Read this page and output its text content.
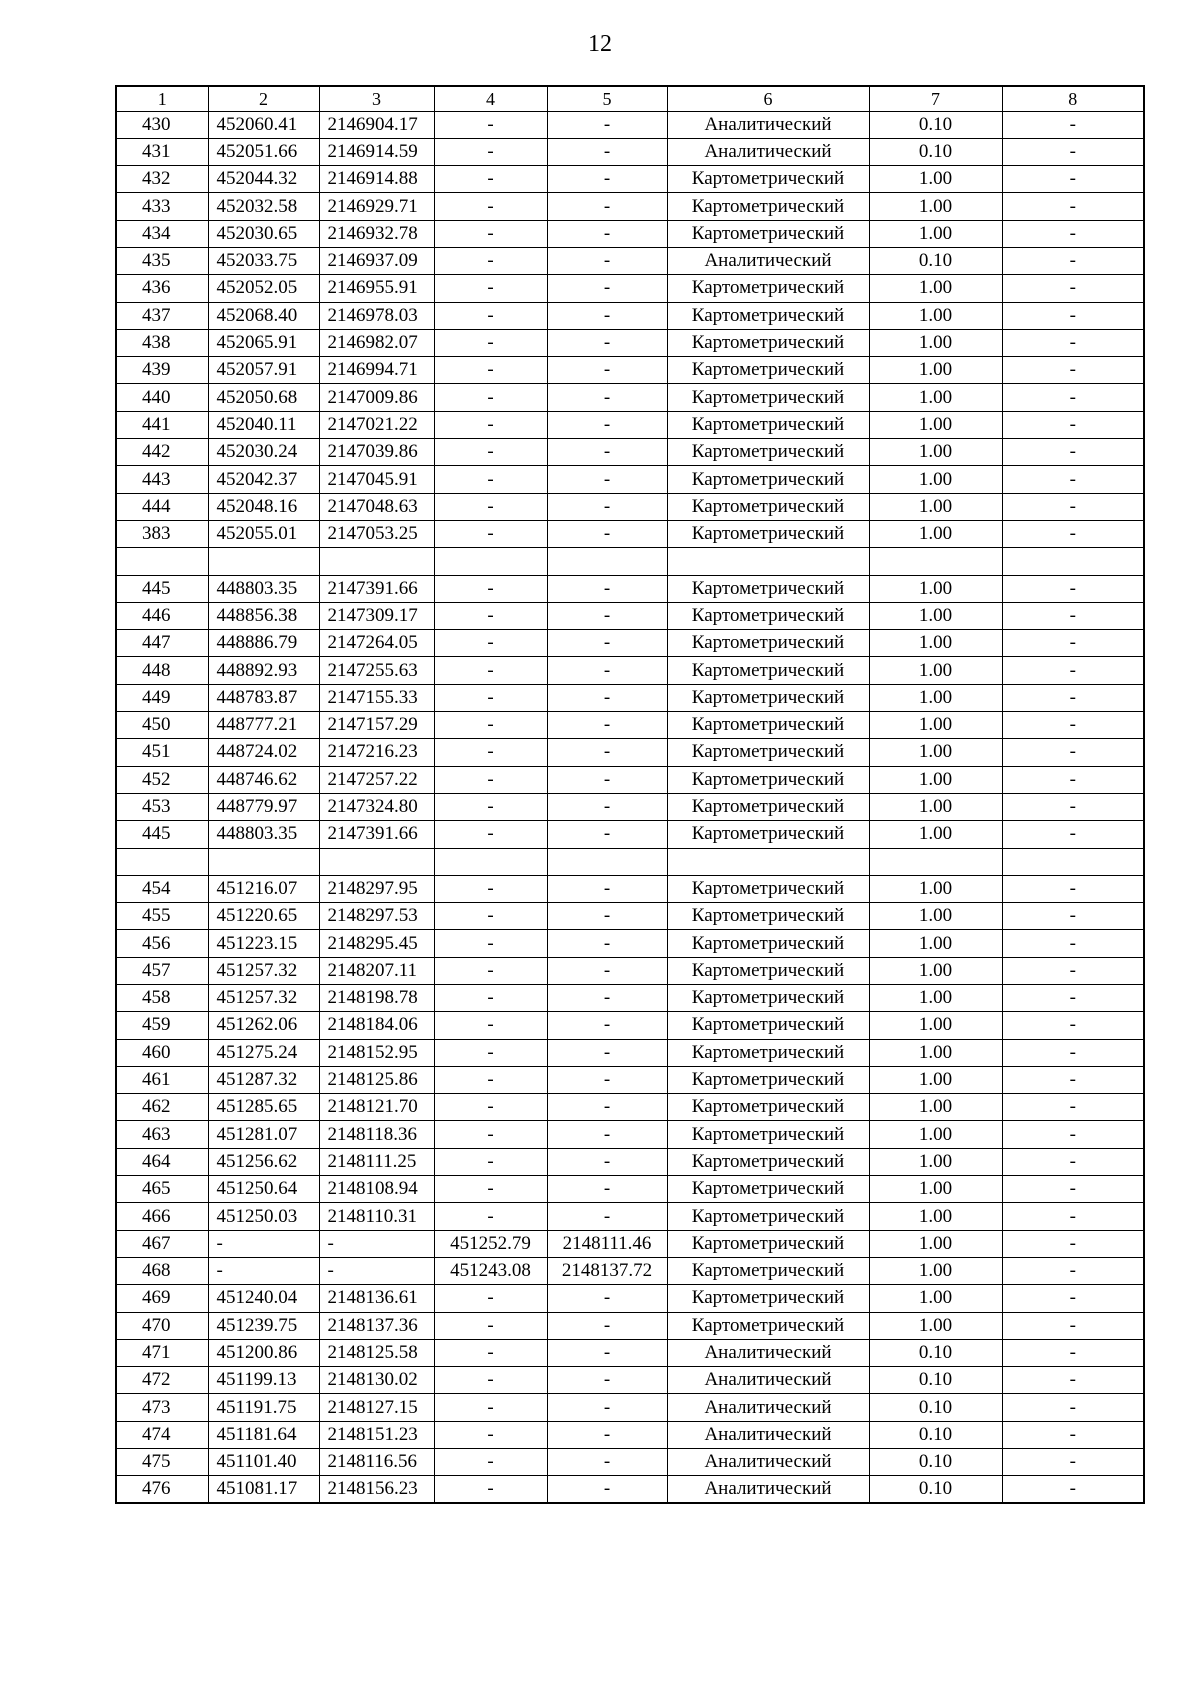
12
1	2	3	4	5	6	7	8
430	452060.41	2146904.17	-	-	Аналитический	0.10	-
431	452051.66	2146914.59	-	-	Аналитический	0.10	-
432	452044.32	2146914.88	-	-	Картометрический	1.00	-
433	452032.58	2146929.71	-	-	Картометрический	1.00	-
434	452030.65	2146932.78	-	-	Картометрический	1.00	-
435	452033.75	2146937.09	-	-	Аналитический	0.10	-
436	452052.05	2146955.91	-	-	Картометрический	1.00	-
437	452068.40	2146978.03	-	-	Картометрический	1.00	-
438	452065.91	2146982.07	-	-	Картометрический	1.00	-
439	452057.91	2146994.71	-	-	Картометрический	1.00	-
440	452050.68	2147009.86	-	-	Картометрический	1.00	-
441	452040.11	2147021.22	-	-	Картометрический	1.00	-
442	452030.24	2147039.86	-	-	Картометрический	1.00	-
443	452042.37	2147045.91	-	-	Картометрический	1.00	-
444	452048.16	2147048.63	-	-	Картометрический	1.00	-
383	452055.01	2147053.25	-	-	Картометрический	1.00	-

445	448803.35	2147391.66	-	-	Картометрический	1.00	-
446	448856.38	2147309.17	-	-	Картометрический	1.00	-
447	448886.79	2147264.05	-	-	Картометрический	1.00	-
448	448892.93	2147255.63	-	-	Картометрический	1.00	-
449	448783.87	2147155.33	-	-	Картометрический	1.00	-
450	448777.21	2147157.29	-	-	Картометрический	1.00	-
451	448724.02	2147216.23	-	-	Картометрический	1.00	-
452	448746.62	2147257.22	-	-	Картометрический	1.00	-
453	448779.97	2147324.80	-	-	Картометрический	1.00	-
445	448803.35	2147391.66	-	-	Картометрический	1.00	-

454	451216.07	2148297.95	-	-	Картометрический	1.00	-
455	451220.65	2148297.53	-	-	Картометрический	1.00	-
456	451223.15	2148295.45	-	-	Картометрический	1.00	-
457	451257.32	2148207.11	-	-	Картометрический	1.00	-
458	451257.32	2148198.78	-	-	Картометрический	1.00	-
459	451262.06	2148184.06	-	-	Картометрический	1.00	-
460	451275.24	2148152.95	-	-	Картометрический	1.00	-
461	451287.32	2148125.86	-	-	Картометрический	1.00	-
462	451285.65	2148121.70	-	-	Картометрический	1.00	-
463	451281.07	2148118.36	-	-	Картометрический	1.00	-
464	451256.62	2148111.25	-	-	Картометрический	1.00	-
465	451250.64	2148108.94	-	-	Картометрический	1.00	-
466	451250.03	2148110.31	-	-	Картометрический	1.00	-
467	-	-	451252.79	2148111.46	Картометрический	1.00	-
468	-	-	451243.08	2148137.72	Картометрический	1.00	-
469	451240.04	2148136.61	-	-	Картометрический	1.00	-
470	451239.75	2148137.36	-	-	Картометрический	1.00	-
471	451200.86	2148125.58	-	-	Аналитический	0.10	-
472	451199.13	2148130.02	-	-	Аналитический	0.10	-
473	451191.75	2148127.15	-	-	Аналитический	0.10	-
474	451181.64	2148151.23	-	-	Аналитический	0.10	-
475	451101.40	2148116.56	-	-	Аналитический	0.10	-
476	451081.17	2148156.23	-	-	Аналитический	0.10	-
